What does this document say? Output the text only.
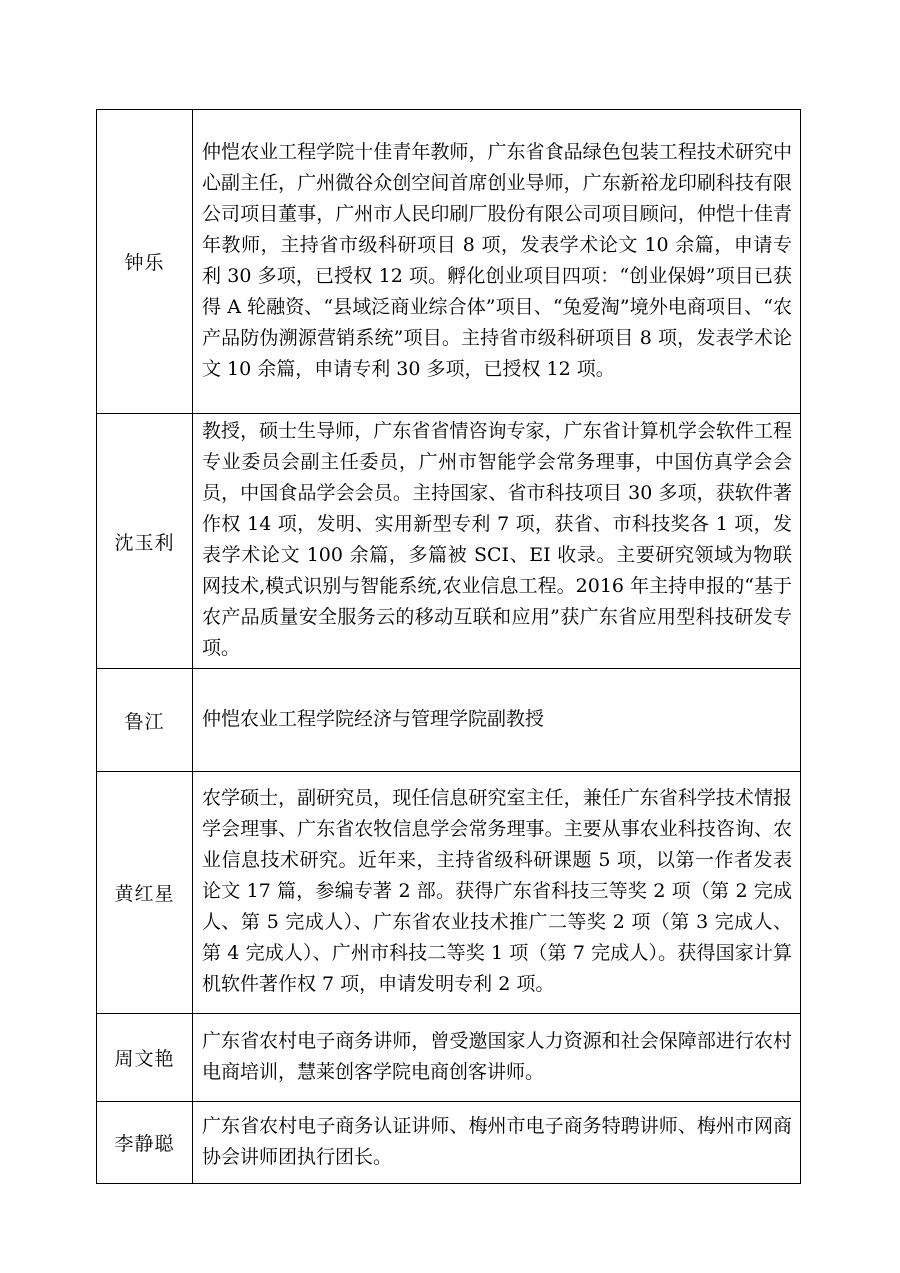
钟乐	仲恺农业工程学院十佳青年教师，广东省食品绿色包装工程技术研究中心副主任，广州微谷众创空间首席创业导师，广东新裕龙印刷科技有限公司项目董事，广州市人民印刷厂股份有限公司项目顾问，仲恺十佳青年教师，主持省市级科研项目 8 项，发表学术论文 10 余篇，申请专利 30 多项，已授权 12 项。孵化创业项目四项：“创业保姆”项目已获得 A 轮融资、“县域泛商业综合体”项目、“兔爱淘”境外电商项目、“农产品防伪溯源营销系统”项目。主持省市级科研项目 8 项，发表学术论文 10 余篇，申请专利 30 多项，已授权 12 项。

沈玉利	教授，硕士生导师，广东省省情咨询专家，广东省计算机学会软件工程专业委员会副主任委员，广州市智能学会常务理事，中国仿真学会会员，中国食品学会会员。主持国家、省市科技项目 30 多项，获软件著作权 14 项，发明、实用新型专利 7 项，获省、市科技奖各 1 项，发表学术论文 100 余篇，多篇被 SCI、EI 收录。主要研究领域为物联网技术,模式识别与智能系统,农业信息工程。2016 年主持申报的“基于农产品质量安全服务云的移动互联和应用”获广东省应用型科技研发专项。

鲁江	仲恺农业工程学院经济与管理学院副教授

黄红星	农学硕士，副研究员，现任信息研究室主任，兼任广东省科学技术情报学会理事、广东省农牧信息学会常务理事。主要从事农业科技咨询、农业信息技术研究。近年来，主持省级科研课题 5 项，以第一作者发表论文 17 篇，参编专著 2 部。获得广东省科技三等奖 2 项（第 2 完成人、第 5 完成人）、广东省农业技术推广二等奖 2 项（第 3 完成人、第 4 完成人）、广州市科技二等奖 1 项（第 7 完成人）。获得国家计算机软件著作权 7 项，申请发明专利 2 项。

周文艳	广东省农村电子商务讲师，曾受邀国家人力资源和社会保障部进行农村电商培训，慧莱创客学院电商创客讲师。

李静聪	广东省农村电子商务认证讲师、梅州市电子商务特聘讲师、梅州市网商协会讲师团执行团长。
